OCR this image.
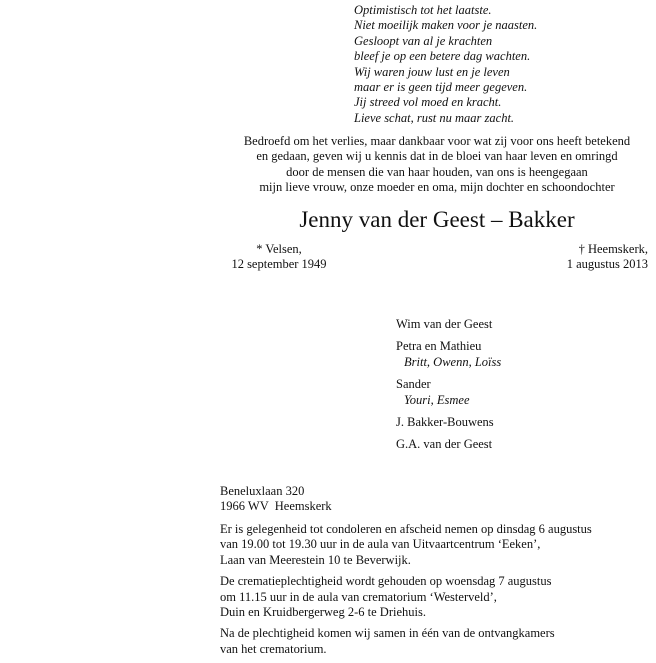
Optimistisch tot het laatste.
Niet moeilijk maken voor je naasten.
Gesloopt van al je krachten
bleef je op een betere dag wachten.
Wij waren jouw lust en je leven
maar er is geen tijd meer gegeven.
Jij streed vol moed en kracht.
Lieve schat, rust nu maar zacht.
Bedroefd om het verlies, maar dankbaar voor wat zij voor ons heeft betekend
en gedaan, geven wij u kennis dat in de bloei van haar leven en omringd
door de mensen die van haar houden, van ons is heengegaan
mijn lieve vrouw, onze moeder en oma, mijn dochter en schoondochter
Jenny van der Geest – Bakker
* Velsen,
12 september 1949
† Heemskerk,
1 augustus 2013
Wim van der Geest
Petra en Mathieu
Britt, Owenn, Loïss
Sander
Youri, Esmee
J. Bakker-Bouwens
G.A. van der Geest
Beneluxlaan 320
1966 WV  Heemskerk
Er is gelegenheid tot condoleren en afscheid nemen op dinsdag 6 augustus
van 19.00 tot 19.30 uur in de aula van Uitvaartcentrum ‘Eeken’,
Laan van Meerestein 10 te Beverwijk.
De crematieplechtigheid wordt gehouden op woensdag 7 augustus
om 11.15 uur in de aula van crematorium ‘Westerveld’,
Duin en Kruidbergerweg 2-6 te Driehuis.
Na de plechtigheid komen wij samen in één van de ontvangkamers
van het crematorium.
